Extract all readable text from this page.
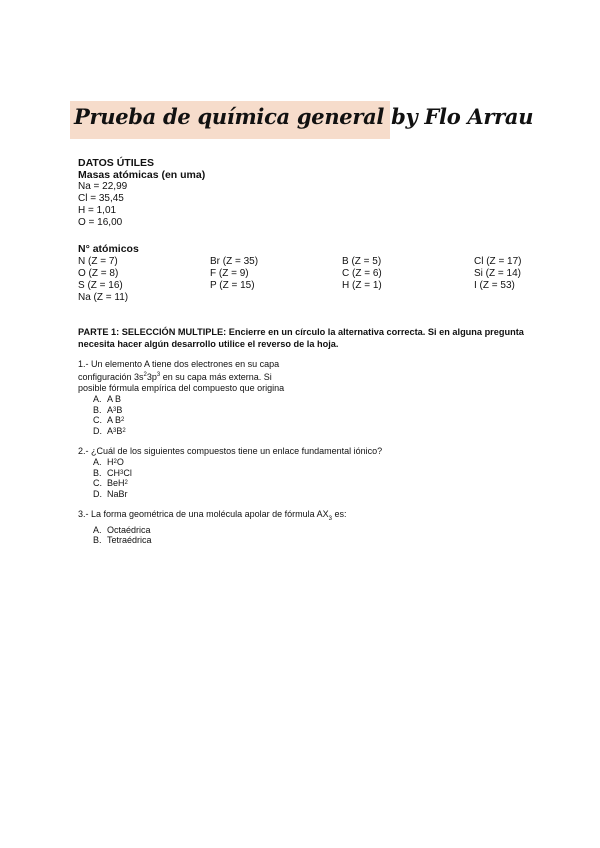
Prueba de química general by Flo Arrau
DATOS ÚTILES
Masas atómicas (en uma)
Na = 22,99
Cl = 35,45
H = 1,01
O = 16,00
N° atómicos
N (Z = 7)	Br (Z = 35)	B (Z = 5)	Cl (Z = 17)
O (Z = 8)	F (Z = 9)	C (Z = 6)	Si (Z = 14)
S (Z = 16)	P (Z = 15)	H (Z = 1)	I (Z = 53)
Na (Z = 11)
PARTE 1: SELECCIÓN MULTIPLE: Encierre en un círculo la alternativa correcta. Si en alguna pregunta necesita hacer algún desarrollo utilice el reverso de la hoja.
1.- Un elemento A tiene dos electrones en su capa
configuración $3s^23p^3$ en su capa más externa. Si
posible fórmula empírica del compuesto que origina
A. A B
B. A 3 B
C. A B 2
D. A 3 B 2
2.- ¿Cuál de los siguientes compuestos tiene un enlace fundamental iónico?
A. H 2 O
B. CH 3 Cl
C. BeH 2
D. NaBr
3.- La forma geométrica de una molécula apolar de fórmula $AX_3$ es:
A. Octaédrica
B. Tetraédrica
